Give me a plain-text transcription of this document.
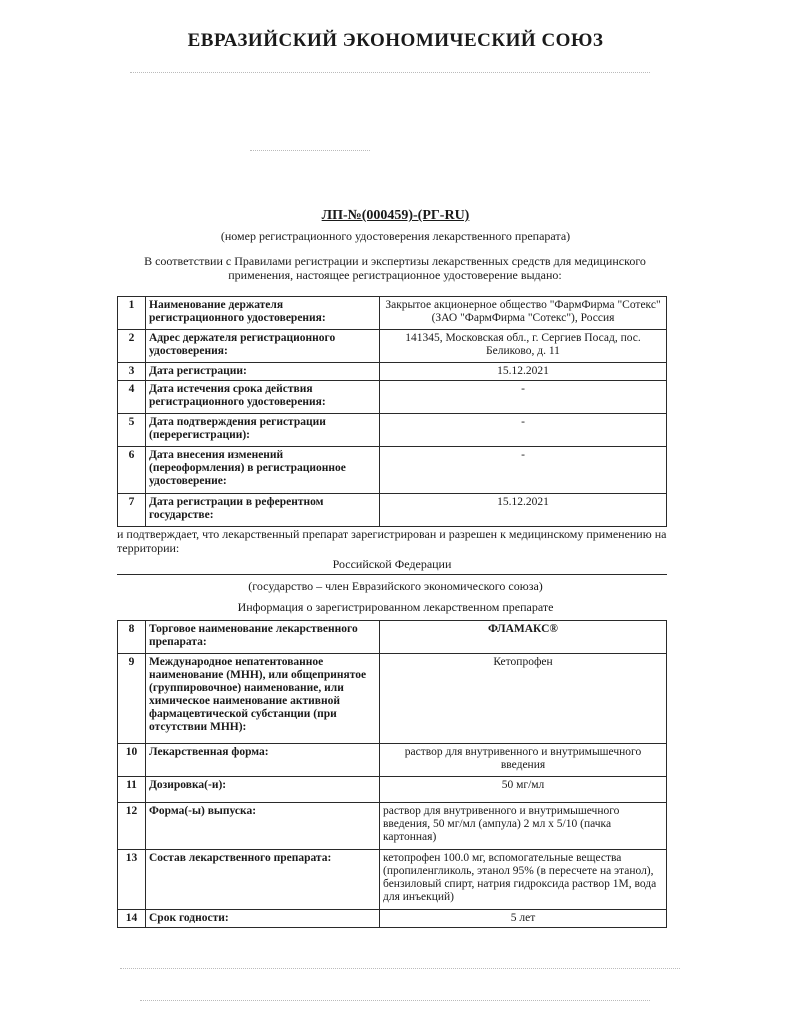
ЕВРАЗИЙСКИЙ ЭКОНОМИЧЕСКИЙ СОЮЗ
ЛП-№(000459)-(РГ-RU)
(номер регистрационного удостоверения лекарственного препарата)
В соответствии с Правилами регистрации и экспертизы лекарственных средств для медицинского применения, настоящее регистрационное удостоверение выдано:
1	Наименование держателя регистрационного удостоверения:	Закрытое акционерное общество "ФармФирма "Сотекс" (ЗАО "ФармФирма "Сотекс"), Россия
2	Адрес держателя регистрационного удостоверения:	141345, Московская обл., г. Сергиев Посад, пос. Беликово, д. 11
3	Дата регистрации:	15.12.2021
4	Дата истечения срока действия регистрационного удостоверения:	-
5	Дата подтверждения регистрации (перерегистрации):	-
6	Дата внесения изменений (переоформления) в регистрационное удостоверение:	-
7	Дата регистрации в референтном государстве:	15.12.2021
и подтверждает, что лекарственный препарат зарегистрирован и разрешен к медицинскому применению на территории:
Российской Федерации
(государство – член Евразийского экономического союза)
Информация о зарегистрированном лекарственном препарате
8	Торговое наименование лекарственного препарата:	ФЛАМАКС®
9	Международное непатентованное наименование (МНН), или общепринятое (группировочное) наименование, или химическое наименование активной фармацевтической субстанции (при отсутствии МНН):	Кетопрофен
10	Лекарственная форма:	раствор для внутривенного и внутримышечного введения
11	Дозировка(-и):	50 мг/мл
12	Форма(-ы) выпуска:	раствор для внутривенного и внутримышечного введения, 50 мг/мл (ампула) 2 мл х 5/10 (пачка картонная)
13	Состав лекарственного препарата:	кетопрофен 100.0 мг, вспомогательные вещества (пропиленгликоль, этанол 95% (в пересчете на этанол), бензиловый спирт, натрия гидроксида раствор 1М, вода для инъекций)
14	Срок годности:	5 лет
